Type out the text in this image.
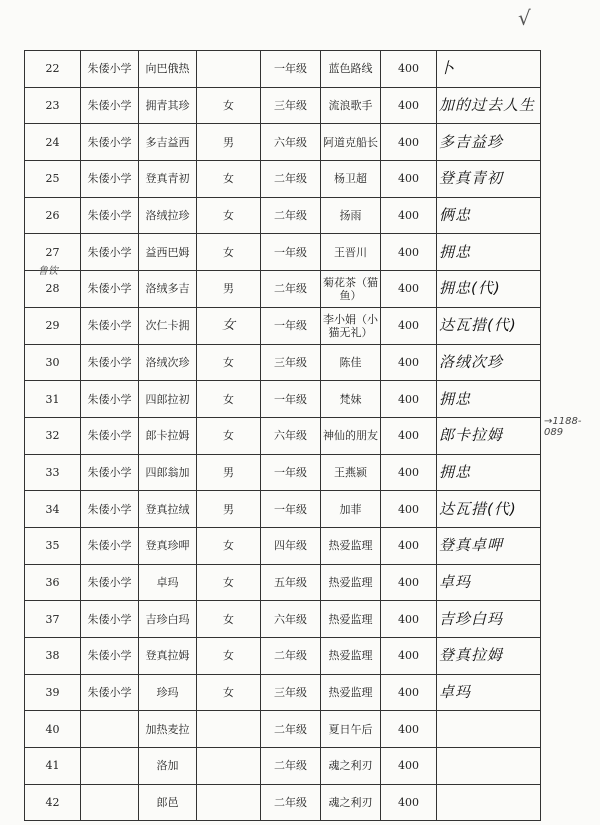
√
22	朱倭小学	向巴俄热		一年级	蓝色路线	400	卜
23	朱倭小学	拥青其珍	女	三年级	流浪歌手	400	加的过去人生
24	朱倭小学	多吉益西	男	六年级	阿道克船长	400	多吉益珍
25	朱倭小学	登真青初	女	二年级	杨卫超	400	登真青初
26	朱倭小学	洛绒拉珍	女	二年级	扬雨	400	俩忠
27	朱倭小学	益西巴姆	女	一年级	王晋川	400	拥忠
28	朱倭小学	洛绒多吉	男	二年级	菊花茶（猫鱼）	400	拥忠(代)
29	朱倭小学	次仁卡拥	女	一年级	李小娟（小猫无礼）	400	达瓦措(代)
30	朱倭小学	洛绒次珍	女	三年级	陈佳	400	洛绒次珍
31	朱倭小学	四郎拉初	女	一年级	梵妹	400	拥忠
32	朱倭小学	郎卡拉姆	女	六年级	神仙的朋友	400	郎卡拉姆
33	朱倭小学	四郎翁加	男	一年级	王燕颍	400	拥忠
34	朱倭小学	登真拉绒	男	一年级	加菲	400	达瓦措(代)
35	朱倭小学	登真珍呷	女	四年级	热爱监理	400	登真卓呷
36	朱倭小学	卓玛	女	五年级	热爱监理	400	卓玛
37	朱倭小学	吉珍白玛	女	六年级	热爱监理	400	吉珍白玛
38	朱倭小学	登真拉姆	女	二年级	热爱监理	400	登真拉姆
39	朱倭小学	珍玛	女	三年级	热爱监理	400	卓玛
40		加热麦拉		二年级	夏日午后	400	
41		洛加		二年级	魂之利刃	400	
42		郎邑		二年级	魂之利刃	400	
鲁钦
→1188-089
